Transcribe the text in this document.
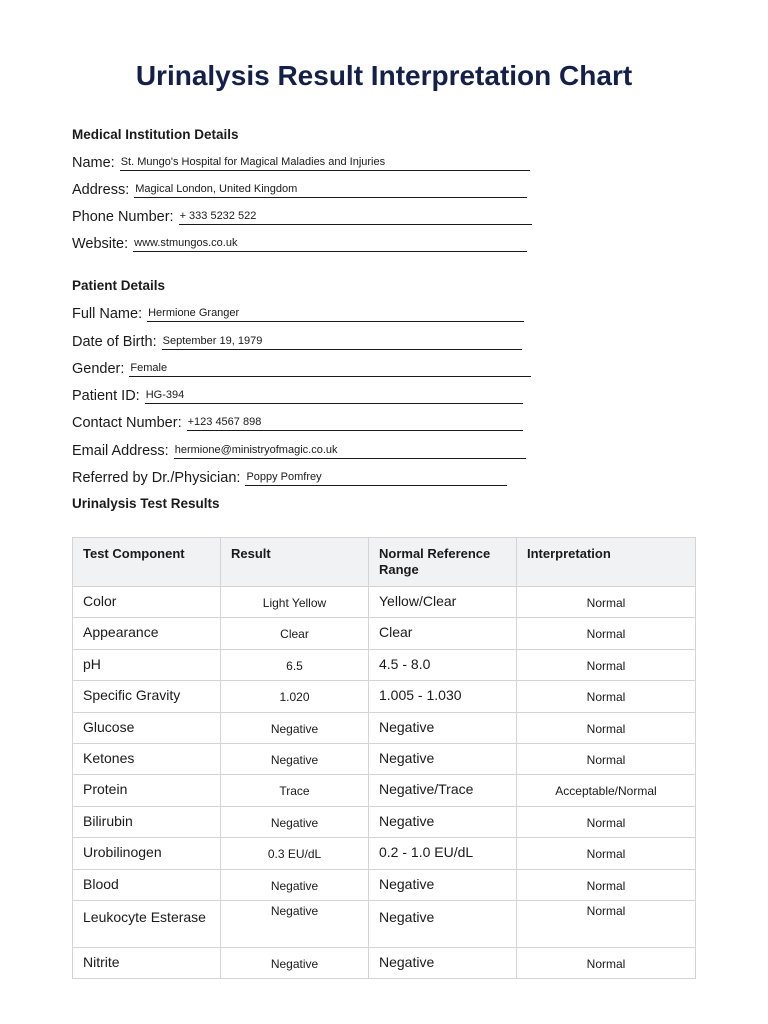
Urinalysis Result Interpretation Chart
Medical Institution Details
Name: St. Mungo's Hospital for Magical Maladies and Injuries
Address: Magical London, United Kingdom
Phone Number: + 333 5232 522
Website: www.stmungos.co.uk
Patient Details
Full Name: Hermione Granger
Date of Birth: September 19, 1979
Gender: Female
Patient ID: HG-394
Contact Number: +123 4567 898
Email Address: hermione@ministryofmagic.co.uk
Referred by Dr./Physician: Poppy Pomfrey
Urinalysis Test Results
Test Component	Result	Normal Reference Range	Interpretation
Color	Light Yellow	Yellow/Clear	Normal
Appearance	Clear	Clear	Normal
pH	6.5	4.5 - 8.0	Normal
Specific Gravity	1.020	1.005 - 1.030	Normal
Glucose	Negative	Negative	Normal
Ketones	Negative	Negative	Normal
Protein	Trace	Negative/Trace	Acceptable/Normal
Bilirubin	Negative	Negative	Normal
Urobilinogen	0.3 EU/dL	0.2 - 1.0 EU/dL	Normal
Blood	Negative	Negative	Normal
Leukocyte Esterase	Negative	Negative	Normal
Nitrite	Negative	Negative	Normal
